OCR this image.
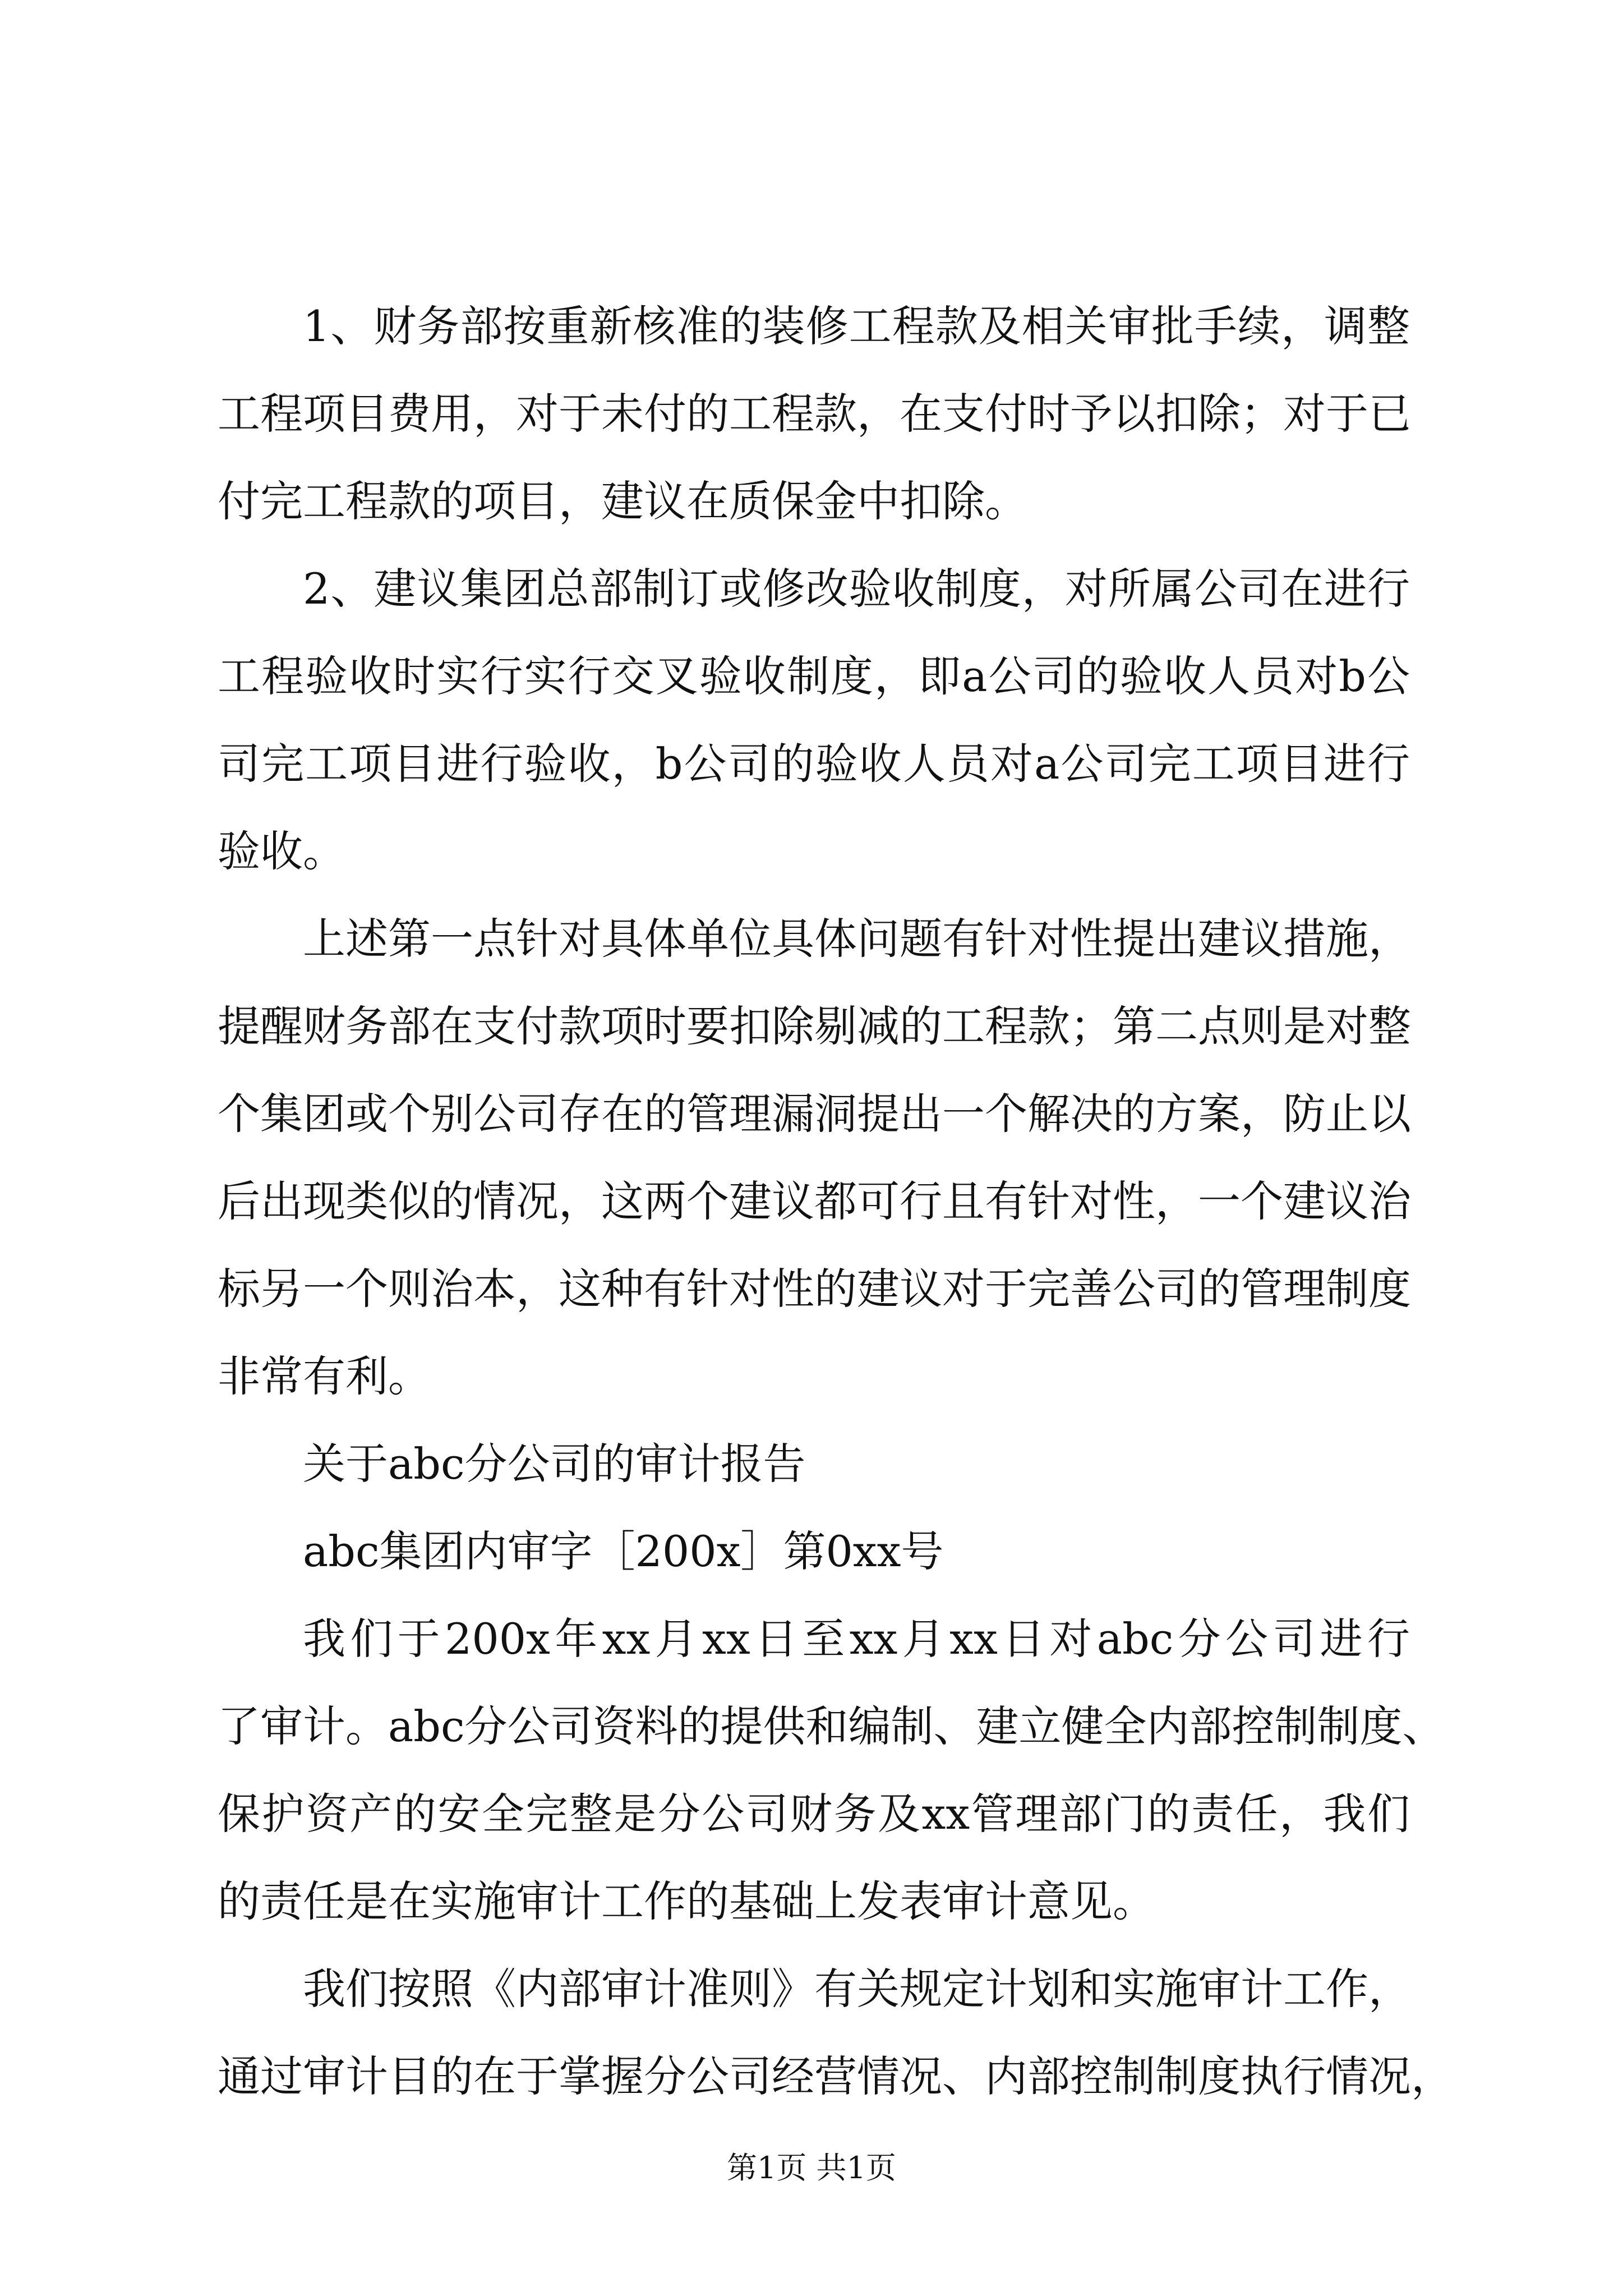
1、财务部按重新核准的装修工程款及相关审批手续，调整
工程项目费用，对于未付的工程款，在支付时予以扣除；对于已
付完工程款的项目，建议在质保金中扣除。
2、建议集团总部制订或修改验收制度，对所属公司在进行
工程验收时实行实行交叉验收制度，即a公司的验收人员对b公
司完工项目进行验收，b公司的验收人员对a公司完工项目进行
验收。
上述第一点针对具体单位具体问题有针对性提出建议措施，
提醒财务部在支付款项时要扣除剔减的工程款；第二点则是对整
个集团或个别公司存在的管理漏洞提出一个解决的方案，防止以
后出现类似的情况，这两个建议都可行且有针对性，一个建议治
标另一个则治本，这种有针对性的建议对于完善公司的管理制度
非常有利。
关于abc分公司的审计报告
abc集团内审字［200x］第0xx号
我们于200x年xx月xx日至xx月xx日对abc分公司进行
了审计。abc分公司资料的提供和编制、建立健全内部控制制度、
保护资产的安全完整是分公司财务及xx管理部门的责任，我们
的责任是在实施审计工作的基础上发表审计意见。
我们按照《内部审计准则》有关规定计划和实施审计工作，
通过审计目的在于掌握分公司经营情况、内部控制制度执行情况，
第1页 共1页
